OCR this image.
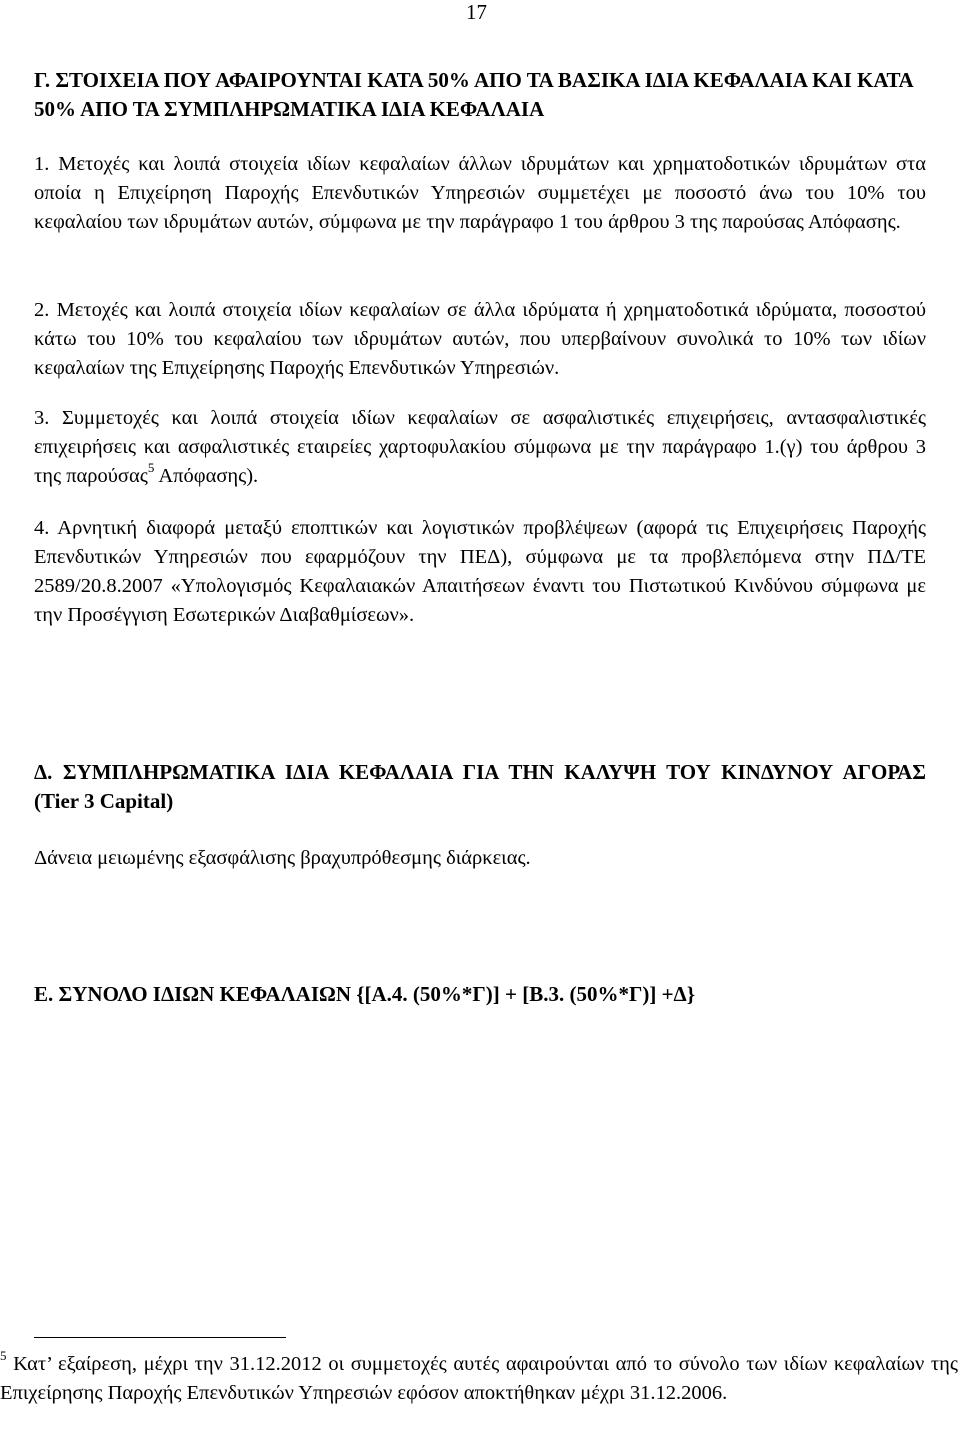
17
Γ. ΣΤΟΙΧΕΙΑ ΠΟΥ ΑΦΑΙΡΟΥΝΤΑΙ ΚΑΤΑ 50% ΑΠΟ ΤΑ ΒΑΣΙΚΑ ΙΔΙΑ ΚΕΦΑΛΑΙΑ ΚΑΙ ΚΑΤΑ 50% ΑΠΟ ΤΑ ΣΥΜΠΛΗΡΩΜΑΤΙΚΑ ΙΔΙΑ ΚΕΦΑΛΑΙΑ
1. Μετοχές και λοιπά στοιχεία ιδίων κεφαλαίων άλλων ιδρυμάτων και χρηματοδοτικών ιδρυμάτων στα οποία η Επιχείρηση Παροχής Επενδυτικών Υπηρεσιών συμμετέχει με ποσοστό άνω του 10% του κεφαλαίου των ιδρυμάτων αυτών, σύμφωνα με την παράγραφο 1 του άρθρου 3 της παρούσας Απόφασης.
2. Μετοχές και λοιπά στοιχεία ιδίων κεφαλαίων σε άλλα ιδρύματα ή χρηματοδοτικά ιδρύματα, ποσοστού κάτω του 10% του κεφαλαίου των ιδρυμάτων αυτών, που υπερβαίνουν συνολικά το 10% των ιδίων κεφαλαίων της Επιχείρησης Παροχής Επενδυτικών Υπηρεσιών.
3. Συμμετοχές και λοιπά στοιχεία ιδίων κεφαλαίων σε ασφαλιστικές επιχειρήσεις, αντασφαλιστικές επιχειρήσεις και ασφαλιστικές εταιρείες χαρτοφυλακίου σύμφωνα με την παράγραφο 1.(γ) του άρθρου 3 της παρούσας$^5$ Απόφασης).
4. Αρνητική διαφορά μεταξύ εποπτικών και λογιστικών προβλέψεων (αφορά τις Επιχειρήσεις Παροχής Επενδυτικών Υπηρεσιών που εφαρμόζουν την ΠΕΔ), σύμφωνα με τα προβλεπόμενα στην ΠΔ/ΤΕ 2589/20.8.2007 «Υπολογισμός Κεφαλαιακών Απαιτήσεων έναντι του Πιστωτικού Κινδύνου σύμφωνα με την Προσέγγιση Εσωτερικών Διαβαθμίσεων».
Δ. ΣΥΜΠΛΗΡΩΜΑΤΙΚΑ ΙΔΙΑ ΚΕΦΑΛΑΙΑ ΓΙΑ ΤΗΝ ΚΑΛΥΨΗ ΤΟΥ ΚΙΝΔΥΝΟΥ ΑΓΟΡΑΣ (Tier 3 Capital)
Δάνεια μειωμένης εξασφάλισης βραχυπρόθεσμης διάρκειας.
Ε. ΣΥΝΟΛΟ ΙΔΙΩΝ ΚΕΦΑΛΑΙΩΝ {[Α.4. (50%*Γ)] + [Β.3. (50%*Γ)] +Δ}
$^5$ Κατ’ εξαίρεση, μέχρι την 31.12.2012 οι συμμετοχές αυτές αφαιρούνται από το σύνολο των ιδίων κεφαλαίων της Επιχείρησης Παροχής Επενδυτικών Υπηρεσιών εφόσον αποκτήθηκαν μέχρι 31.12.2006.
